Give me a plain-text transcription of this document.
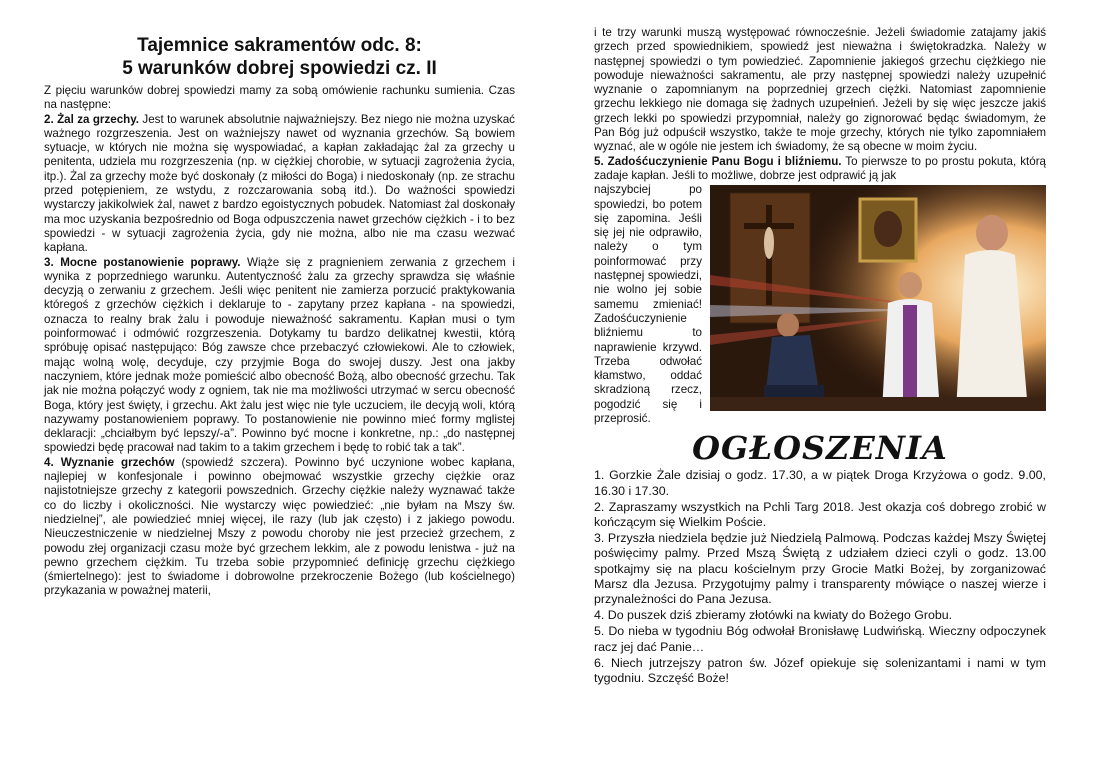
Tajemnice sakramentów odc. 8:
5 warunków dobrej spowiedzi cz. II

Z pięciu warunków dobrej spowiedzi mamy za sobą omówienie rachunku sumienia. Czas na następne:

2. Żal za grzechy. Jest to warunek absolutnie najważniejszy. Bez niego nie można uzyskać ważnego rozgrzeszenia. Jest on ważniejszy nawet od wyznania grzechów. Są bowiem sytuacje, w których nie można się wyspowiadać, a kapłan zakładając żal za grzechy u penitenta, udziela mu rozgrzeszenia (np. w ciężkiej chorobie, w sytuacji zagrożenia życia, itp.). Żal za grzechy może być doskonały (z miłości do Boga) i niedoskonały (np. ze strachu przed potępieniem, ze wstydu, z rozczarowania sobą itd.). Do ważności spowiedzi wystarczy jakikolwiek żal, nawet z bardzo egoistycznych pobudek. Natomiast żal doskonały ma moc uzyskania bezpośrednio od Boga odpuszczenia nawet grzechów ciężkich - i to bez spowiedzi - w sytuacji zagrożenia życia, gdy nie można, albo nie ma czasu wezwać kapłana.

3. Mocne postanowienie poprawy. Wiąże się z pragnieniem zerwania z grzechem i wynika z poprzedniego warunku. Autentyczność żalu za grzechy sprawdza się właśnie decyzją o zerwaniu z grzechem. Jeśli więc penitent nie zamierza porzucić praktykowania któregoś z grzechów ciężkich i deklaruje to - zapytany przez kapłana - na spowiedzi, oznacza to realny brak żalu i powoduje nieważność sakramentu. Kapłan musi o tym poinformować i odmówić rozgrzeszenia. Dotykamy tu bardzo delikatnej kwestii, którą spróbuję opisać następująco: Bóg zawsze chce przebaczyć człowiekowi. Ale to człowiek, mając wolną wolę, decyduje, czy przyjmie Boga do swojej duszy. Jest ona jakby naczyniem, które jednak może pomieścić albo obecność Bożą, albo obecność grzechu. Tak jak nie można połączyć wody z ogniem, tak nie ma możliwości utrzymać w sercu obecność Boga, który jest święty, i grzechu. Akt żalu jest więc nie tyle uczuciem, ile decyją woli, którą nazywamy postanowieniem poprawy. To postanowienie nie powinno mieć formy mglistej deklaracji: „chciałbym być lepszy/-a”. Powinno być mocne i konkretne, np.: „do następnej spowiedzi będę pracował nad takim to a takim grzechem i będę to robić tak a tak”.

4. Wyznanie grzechów (spowiedź szczera). Powinno być uczynione wobec kapłana, najlepiej w konfesjonale i powinno obejmować wszystkie grzechy ciężkie oraz najistotniejsze grzechy z kategorii powszednich. Grzechy ciężkie należy wyznawać także co do liczby i okoliczności. Nie wystarczy więc powiedzieć: „nie byłam na Mszy św. niedzielnej”, ale powiedzieć mniej więcej, ile razy (lub jak często) i z jakiego powodu. Nieuczestniczenie w niedzielnej Mszy z powodu choroby nie jest przecież grzechem, z powodu złej organizacji czasu może być grzechem lekkim, ale z powodu lenistwa - już na pewno grzechem ciężkim. Tu trzeba sobie przypomnieć definicję grzechu ciężkiego (śmiertelnego): jest to świadome i dobrowolne przekroczenie Bożego (lub kościelnego) przykazania w poważnej materii,

i te trzy warunki muszą występować równocześnie. Jeżeli świadomie zatajamy jakiś grzech przed spowiednikiem, spowiedź jest nieważna i świętokradzka. Należy w następnej spowiedzi o tym powiedzieć. Zapomnienie jakiegoś grzechu ciężkiego nie powoduje nieważności sakramentu, ale przy następnej spowiedzi należy uzupełnić wyznanie o zapomnianym na poprzedniej grzech ciężki. Natomiast zapomnienie grzechu lekkiego nie domaga się żadnych uzupełnień. Jeżeli by się więc jeszcze jakiś grzech lekki po spowiedzi przypomniał, należy go zignorować będąc świadomym, że Pan Bóg już odpuścił wszystko, także te moje grzechy, których nie tylko zapomniałem wyznać, ale w ogóle nie jestem ich świadomy, że są obecne w moim życiu.

5. Zadośćuczynienie Panu Bogu i bliźniemu. To pierwsze to po prostu pokuta, którą zadaje kapłan. Jeśli to możliwe, dobrze jest odprawić ją jak

najszybciej po spowiedzi, bo potem się zapomina. Jeśli się jej nie odprawiło, należy o tym poinformować przy następnej spowiedzi, nie wolno jej sobie samemu zmieniać! Zadośćuczynienie bliźniemu to naprawienie krzywd. Trzeba odwołać kłamstwo, oddać skradzioną rzecz, pogodzić się i przeprosić.

OGŁOSZENIA

1. Gorzkie Żale dzisiaj o godz. 17.30, a w piątek Droga Krzyżowa o godz. 9.00, 16.30 i 17.30.

2. Zapraszamy wszystkich na Pchli Targ 2018. Jest okazja coś dobrego zrobić w kończącym się Wielkim Poście.

3. Przyszła niedziela będzie już Niedzielą Palmową. Podczas każdej Mszy Świętej poświęcimy palmy. Przed Mszą Świętą z udziałem dzieci czyli o godz. 13.00 spotkajmy się na placu kościelnym przy Grocie Matki Bożej, by zorganizować Marsz dla Jezusa. Przygotujmy palmy i transparenty mówiące o naszej wierze i przynależności do Pana Jezusa.

4. Do puszek dziś zbieramy złotówki na kwiaty do Bożego Grobu.

5. Do nieba w tygodniu Bóg odwołał Bronisławę Ludwińską. Wieczny odpoczynek racz jej dać Panie…

6. Niech jutrzejszy patron św. Józef opiekuje się solenizantami i nami w tym tygodniu. Szczęść Boże!
